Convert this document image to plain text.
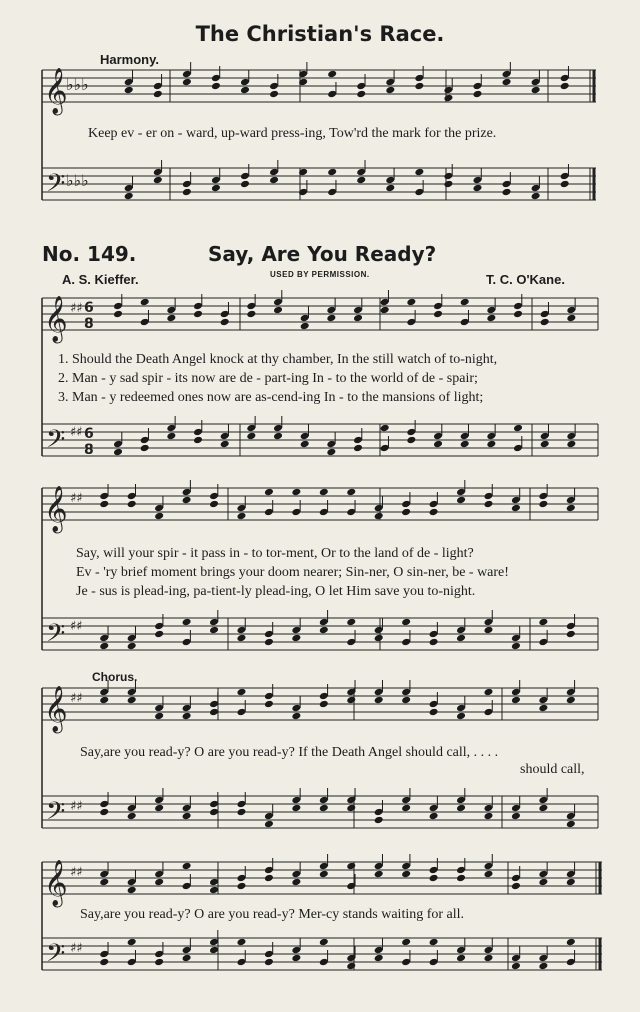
The Christian's Race.
Harmony.
𝄞
𝄢
♭♭♭
♭♭♭
𝄞
𝄢
♯♯
♯♯
6
8
6
8
𝄞
𝄢
♯♯
♯♯
𝄞
𝄢
♯♯
♯♯
𝄞
𝄢
♯♯
♯♯
Keep ev - er on - ward, up-ward press-ing, Tow'rd the mark for the prize.
No. 149.	Say, Are You Ready?
A. S. Kieffer.	USED BY PERMISSION.	T. C. O'Kane.
1. Should the Death Angel knock at thy chamber, In the still watch of to-night,
2. Man - y sad spir - its now are de - part-ing In - to the world of de - spair;
3. Man - y redeemed ones now are as-cend-ing In - to the mansions of light;
Say, will your spir - it pass in - to tor-ment, Or to the land of de - light?
Ev - 'ry brief moment brings your doom nearer; Sin-ner, O sin-ner, be - ware!
Je - sus is plead-ing, pa-tient-ly plead-ing, O let Him save you to-night.
Chorus.
Say,are you read-y? O are you read-y? If the Death Angel should call, . . . .
should call,
Say,are you read-y? O are you read-y? Mer-cy stands waiting for all.
